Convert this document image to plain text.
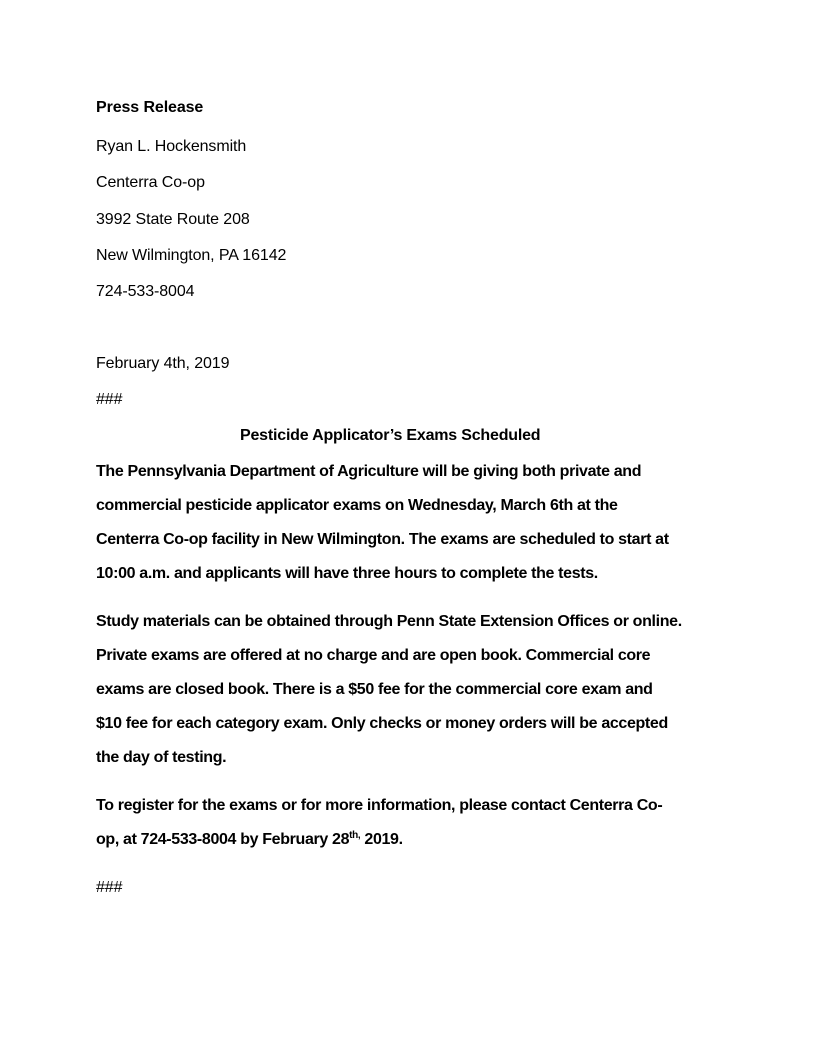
Press Release
Ryan L. Hockensmith
Centerra Co-op
3992 State Route 208
New Wilmington, PA 16142
724-533-8004
February 4th, 2019
###
Pesticide Applicator’s Exams Scheduled
The Pennsylvania Department of Agriculture will be giving both private and
commercial pesticide applicator exams on Wednesday, March 6th at the
Centerra Co-op facility in New Wilmington. The exams are scheduled to start at
10:00 a.m. and applicants will have three hours to complete the tests.
Study materials can be obtained through Penn State Extension Offices or online.
Private exams are offered at no charge and are open book. Commercial core
exams are closed book. There is a $50 fee for the commercial core exam and
$10 fee for each category exam. Only checks or money orders will be accepted
the day of testing.
To register for the exams or for more information, please contact Centerra Co-
op, at 724-533-8004 by February $28^{th,}$ 2019.
###
